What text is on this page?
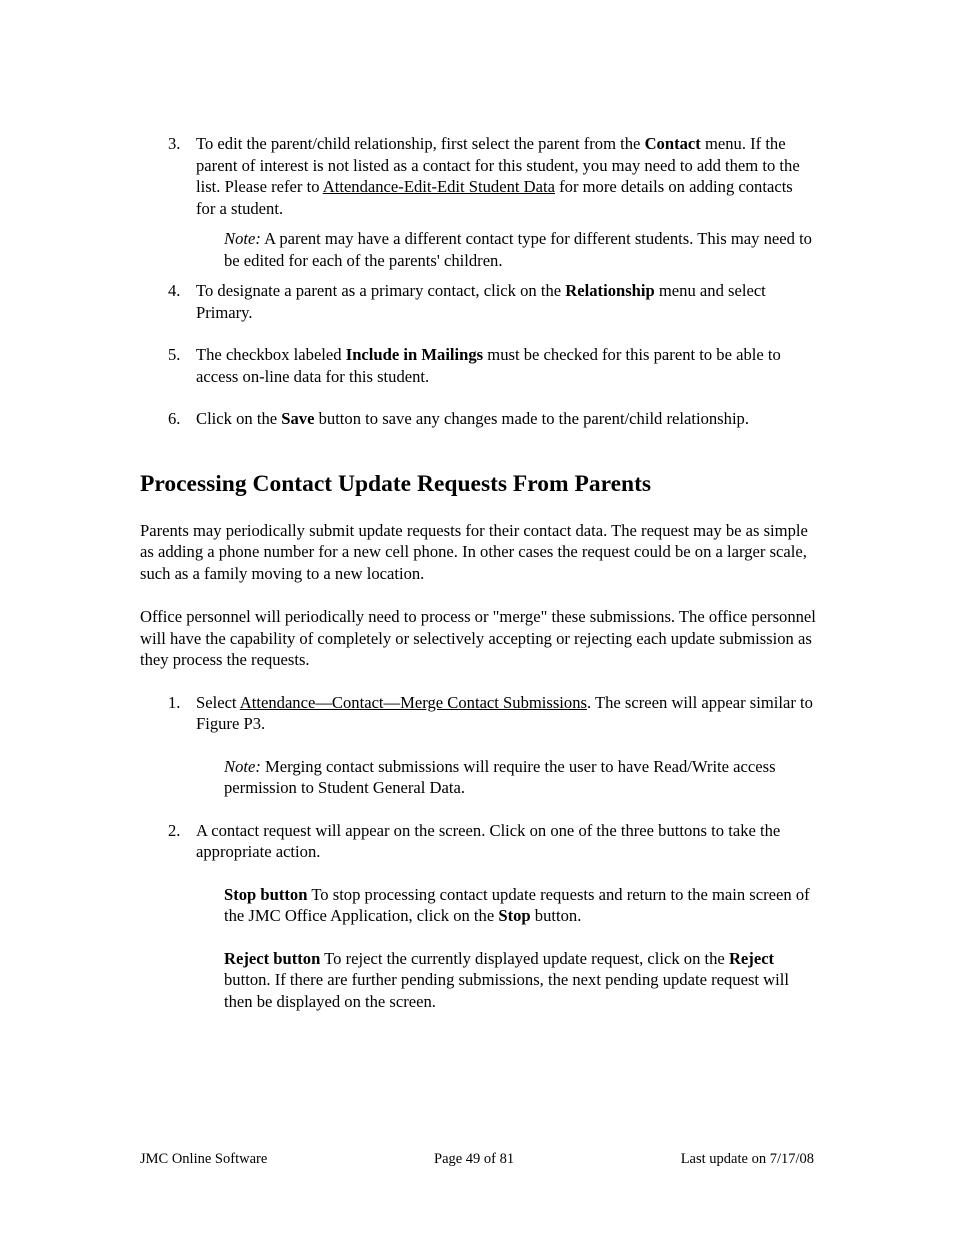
3. To edit the parent/child relationship, first select the parent from the Contact menu. If the parent of interest is not listed as a contact for this student, you may need to add them to the list. Please refer to Attendance-Edit-Edit Student Data for more details on adding contacts for a student.

Note: A parent may have a different contact type for different students. This may need to be edited for each of the parents' children.

4. To designate a parent as a primary contact, click on the Relationship menu and select Primary.

5. The checkbox labeled Include in Mailings must be checked for this parent to be able to access on-line data for this student.

6. Click on the Save button to save any changes made to the parent/child relationship.

Processing Contact Update Requests From Parents

Parents may periodically submit update requests for their contact data. The request may be as simple as adding a phone number for a new cell phone. In other cases the request could be on a larger scale, such as a family moving to a new location.

Office personnel will periodically need to process or "merge" these submissions. The office personnel will have the capability of completely or selectively accepting or rejecting each update submission as they process the requests.

1. Select Attendance—Contact—Merge Contact Submissions. The screen will appear similar to Figure P3.

Note: Merging contact submissions will require the user to have Read/Write access permission to Student General Data.

2. A contact request will appear on the screen. Click on one of the three buttons to take the appropriate action.

Stop button To stop processing contact update requests and return to the main screen of the JMC Office Application, click on the Stop button.

Reject button To reject the currently displayed update request, click on the Reject button. If there are further pending submissions, the next pending update request will then be displayed on the screen.

JMC Online Software	Page 49 of 81	Last update on 7/17/08
